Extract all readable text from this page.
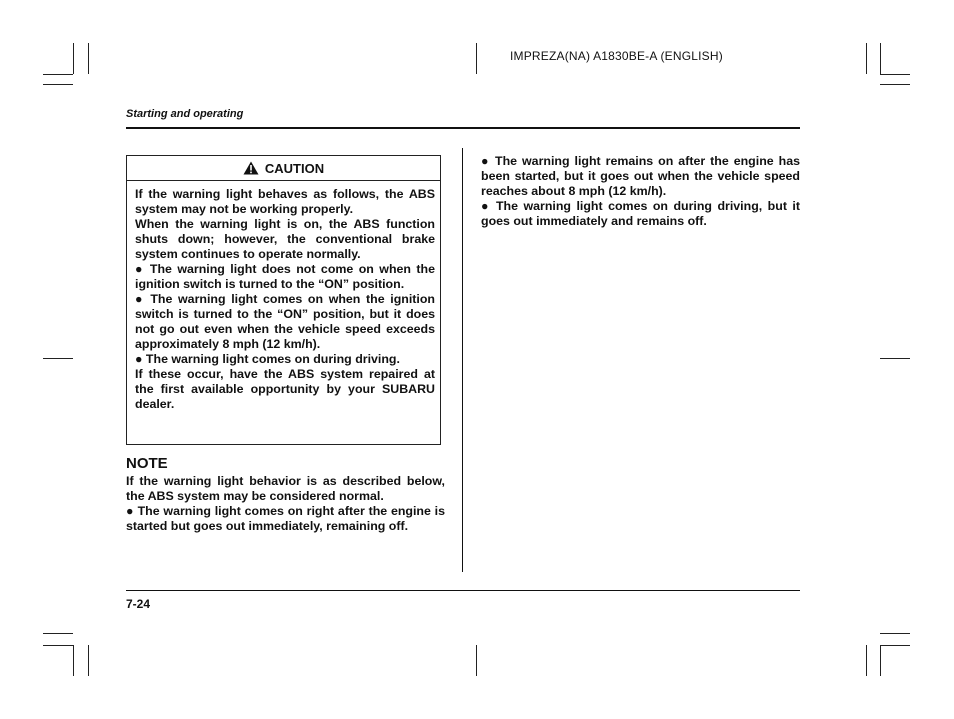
IMPREZA(NA) A1830BE-A (ENGLISH)
Starting and operating
CAUTION

If the warning light behaves as follows, the ABS system may not be working properly.

When the warning light is on, the ABS function shuts down; however, the conventional brake system continues to operate normally.

● The warning light does not come on when the ignition switch is turned to the “ON” position.

● The warning light comes on when the ignition switch is turned to the “ON” position, but it does not go out even when the vehicle speed exceeds approximately 8 mph (12 km/h).

● The warning light comes on during driving.

If these occur, have the ABS system repaired at the first available opportunity by your SUBARU dealer.

NOTE

If the warning light behavior is as described below, the ABS system may be considered normal.

● The warning light comes on right after the engine is started but goes out immediately, remaining off.

● The warning light remains on after the engine has been started, but it goes out when the vehicle speed reaches about 8 mph (12 km/h).

● The warning light comes on during driving, but it goes out immediately and remains off.

7-24
